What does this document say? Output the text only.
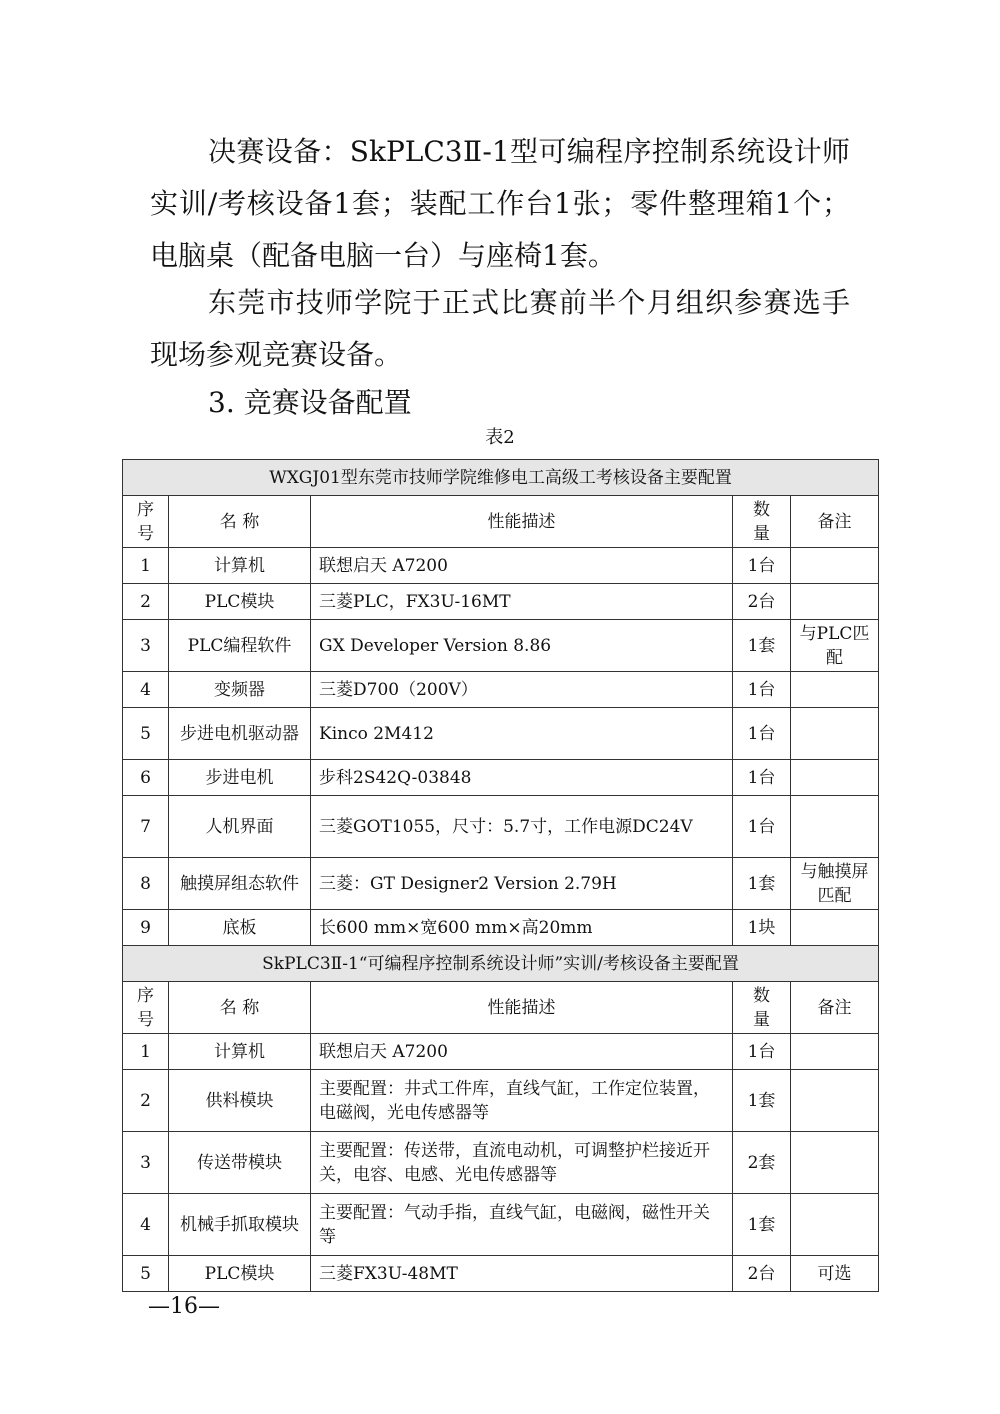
决赛设备：SkPLC3Ⅱ-1型可编程序控制系统设计师实训/考核设备1套；装配工作台1张；零件整理箱1个；电脑桌（配备电脑一台）与座椅1套。

东莞市技师学院于正式比赛前半个月组织参赛选手现场参观竞赛设备。

3. 竞赛设备配置
表2
WXGJ01型东莞市技师学院维修电工高级工考核设备主要配置				
序号	名 称	性能描述	数量	备注
1	计算机	联想启天 A7200	1台	
2	PLC模块	三菱PLC，FX3U-16MT	2台	
3	PLC编程软件	GX Developer Version 8.86	1套	与PLC匹配
4	变频器	三菱D700（200V）	1台	
5	步进电机驱动器	Kinco 2M412	1台	
6	步进电机	步科2S42Q-03848	1台	
7	人机界面	三菱GOT1055，尺寸：5.7寸，工作电源DC24V	1台	
8	触摸屏组态软件	三菱：GT Designer2 Version 2.79H	1套	与触摸屏匹配
9	底板	长600 mm×宽600 mm×高20mm	1块	
SkPLC3Ⅱ-1“可编程序控制系统设计师”实训/考核设备主要配置				
序号	名 称	性能描述	数量	备注
1	计算机	联想启天 A7200	1台	
2	供料模块	主要配置：井式工件库，直线气缸，工作定位装置，电磁阀，光电传感器等	1套	
3	传送带模块	主要配置：传送带，直流电动机，可调整护栏接近开关，电容、电感、光电传感器等	2套	
4	机械手抓取模块	主要配置：气动手指，直线气缸，电磁阀，磁性开关等	1套	
5	PLC模块	三菱FX3U-48MT	2台	可选
—16—
